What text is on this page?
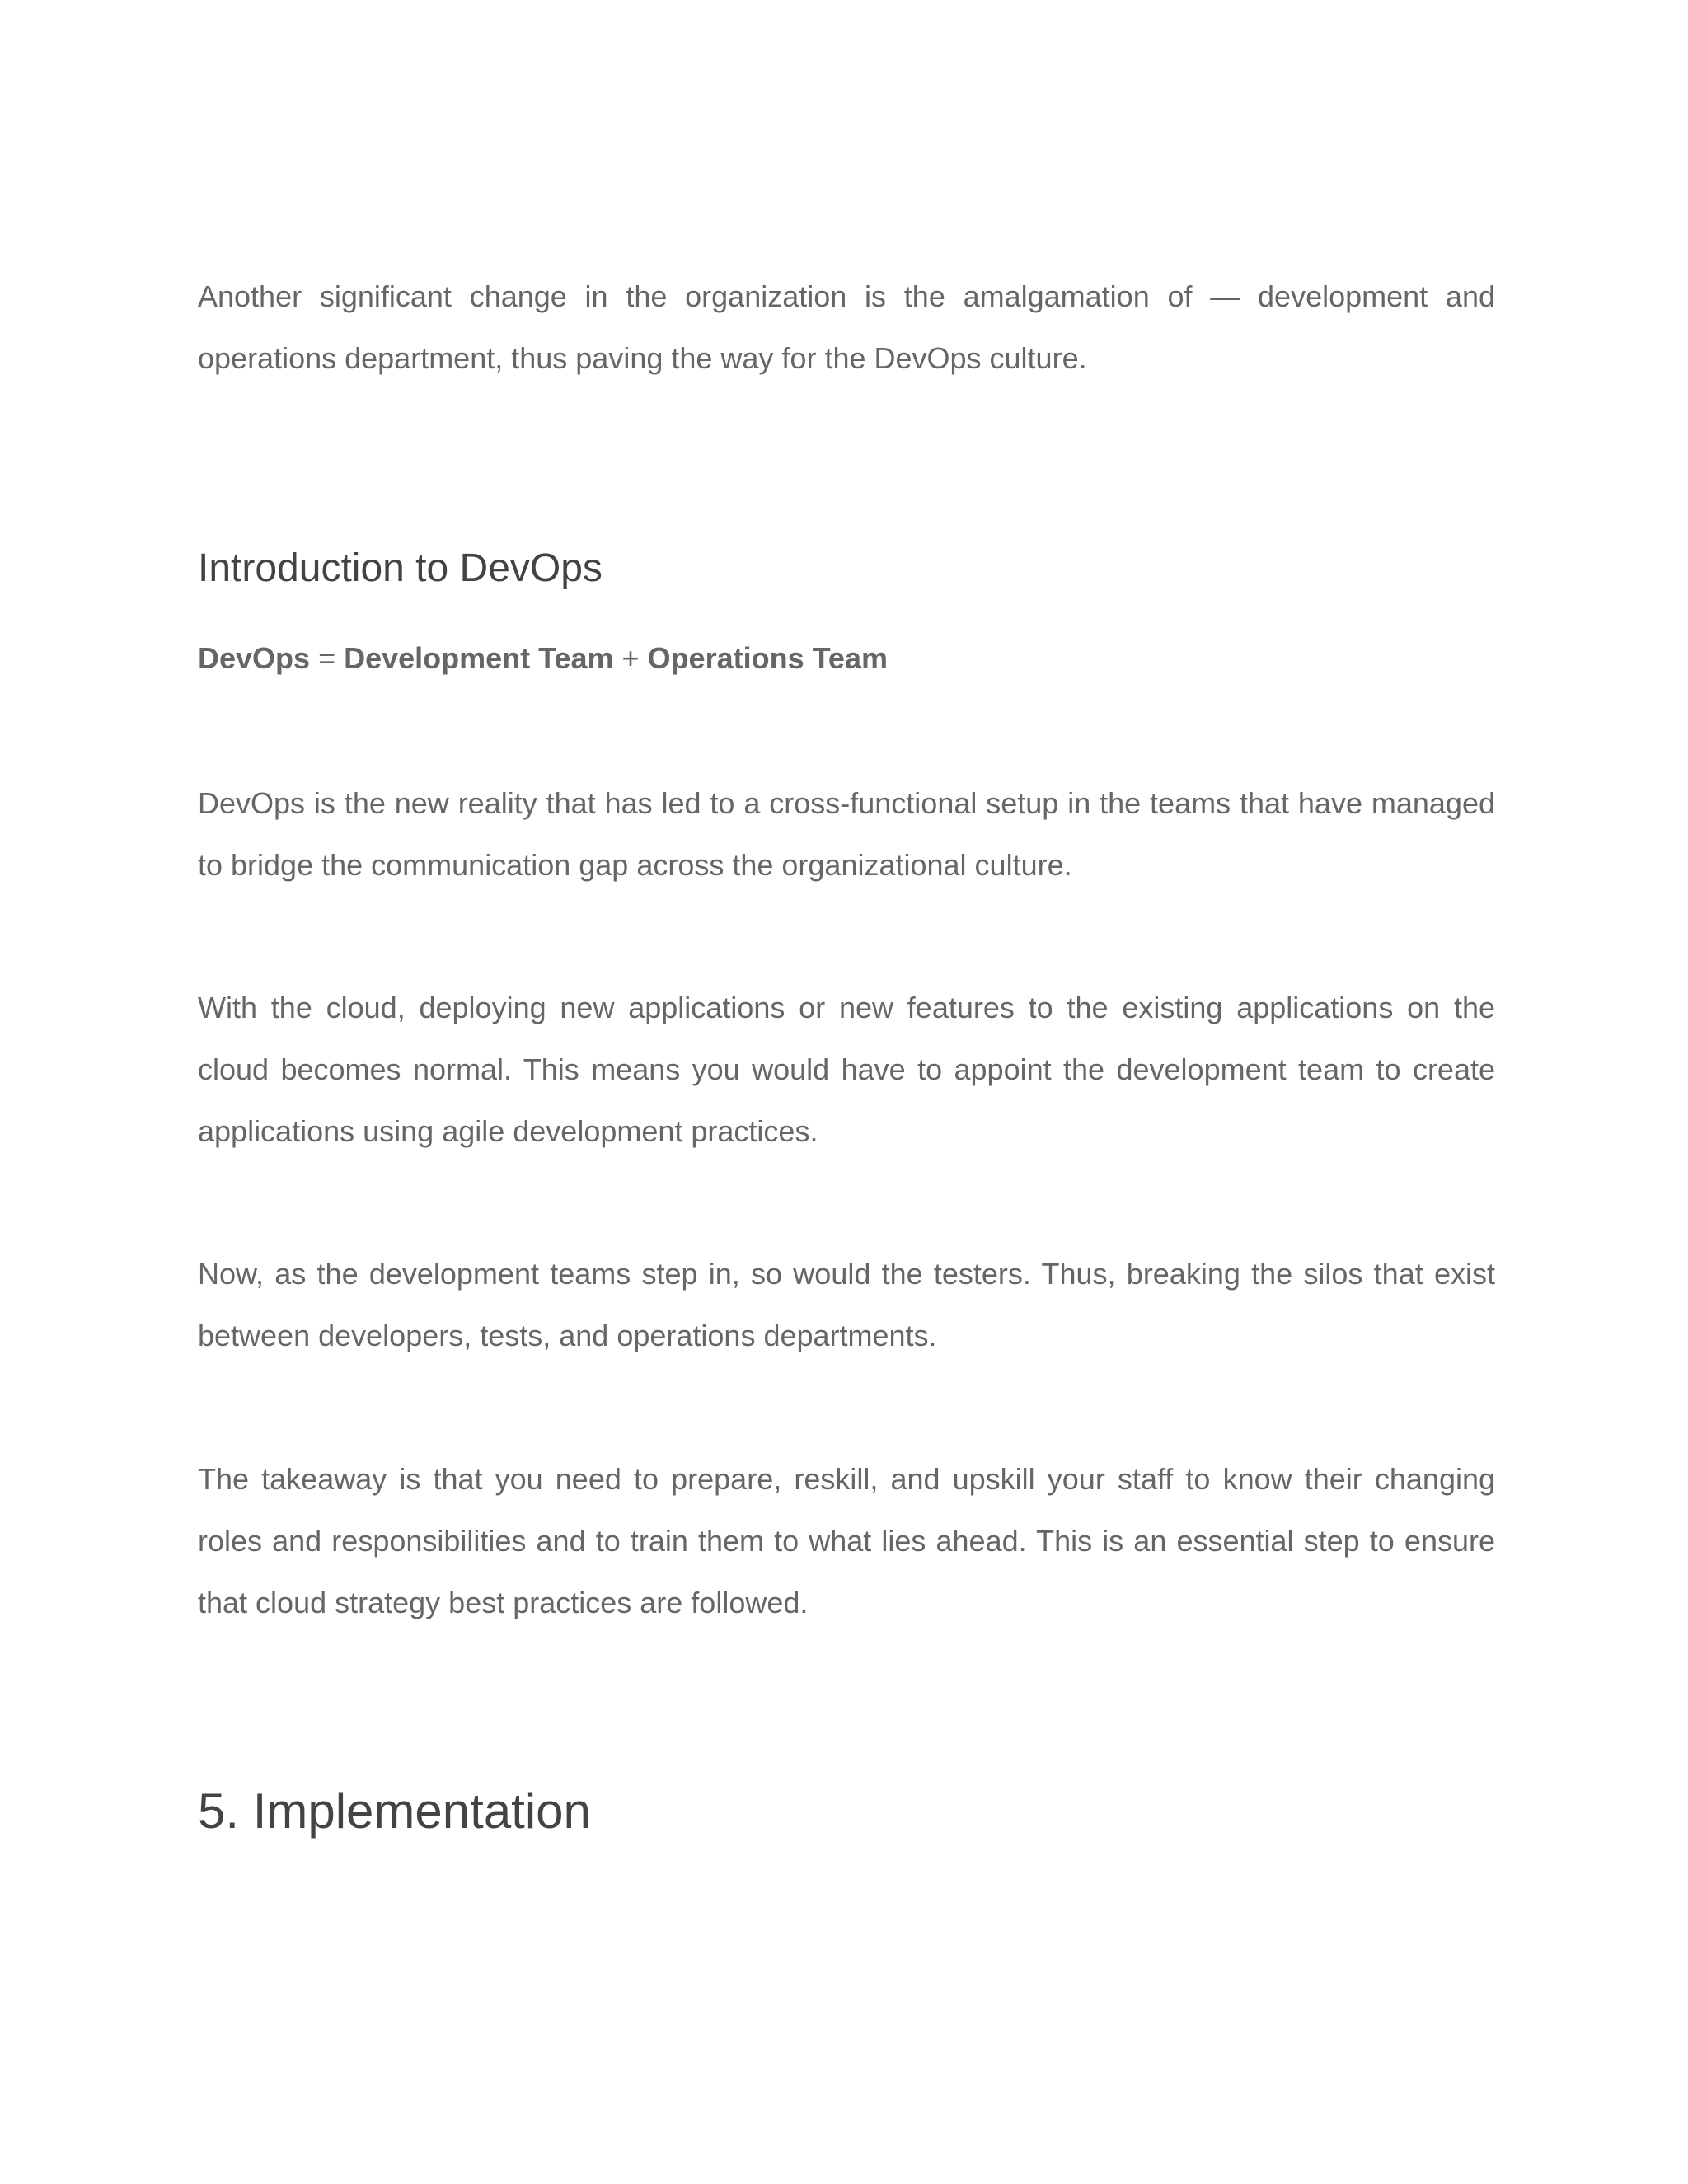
Another significant change in the organization is the amalgamation of — development and operations department, thus paving the way for the DevOps culture.

Introduction to DevOps

DevOps = Development Team + Operations Team

DevOps is the new reality that has led to a cross-functional setup in the teams that have managed to bridge the communication gap across the organizational culture.

With the cloud, deploying new applications or new features to the existing applications on the cloud becomes normal. This means you would have to appoint the development team to create applications using agile development practices.

Now, as the development teams step in, so would the testers. Thus, breaking the silos that exist between developers, tests, and operations departments.

The takeaway is that you need to prepare, reskill, and upskill your staff to know their changing roles and responsibilities and to train them to what lies ahead. This is an essential step to ensure that cloud strategy best practices are followed.

5. Implementation
